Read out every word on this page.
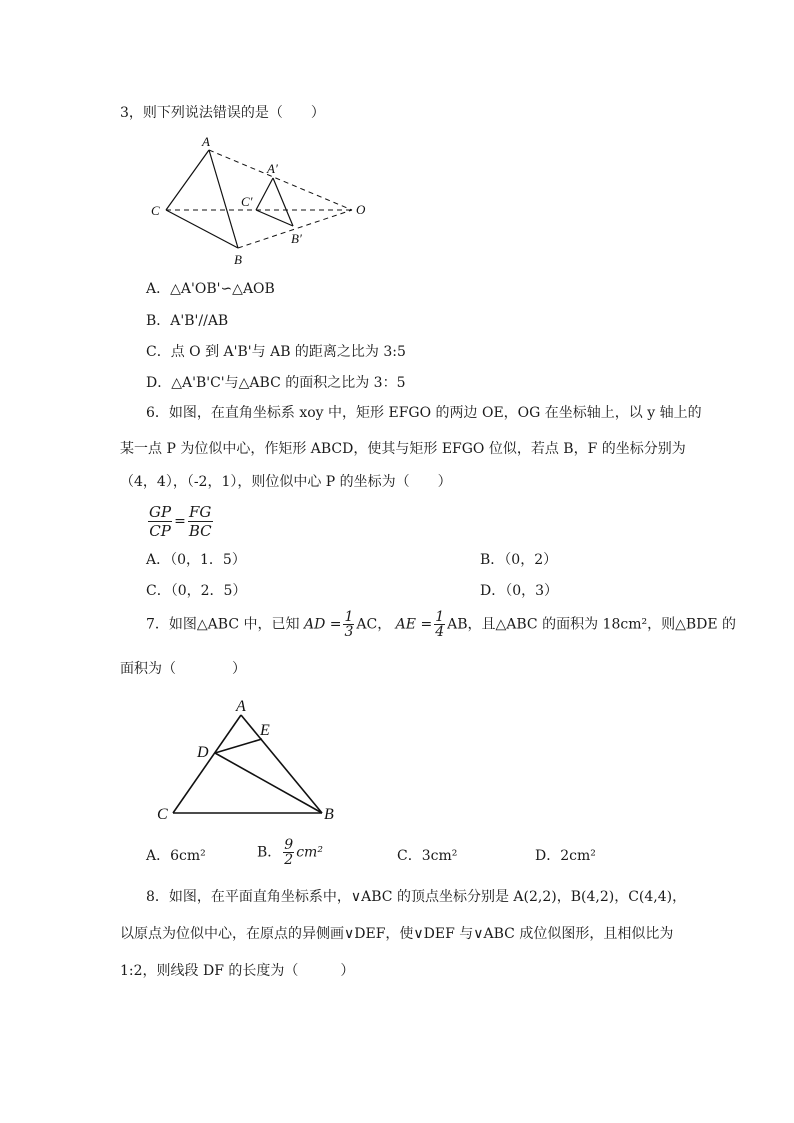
3，则下列说法错误的是（　　）
A
A′
C
C′
O
B
B′
A．△A'OB'∽△AOB
B．A'B'//AB
C．点 O 到 A'B'与 AB 的距离之比为 3:5
D．△A'B'C'与△ABC 的面积之比为 3：5
6．如图，在直角坐标系 xoy 中，矩形 EFGO 的两边 OE，OG 在坐标轴上，以 y 轴上的
某一点 P 为位似中心，作矩形 ABCD，使其与矩形 EFGO 位似，若点 B，F 的坐标分别为
（4，4），（-2，1），则位似中心 P 的坐标为（　　）
$\frac{GP}{CP} = \frac{FG}{BC}$
A．（0，1．5）	B．（0，2）
C．（0，2．5）	D．（0，3）
7．如图△ABC 中，已知 AD = $\frac{1}{3}$ AC， AE = $\frac{1}{4}$ AB，且△ABC 的面积为 18cm²，则△BDE 的
面积为（　　　　）
A
E
D
C	B
A．6cm²	B． $\frac{9}{2} cm^2$	C．3cm²	D．2cm²
8．如图，在平面直角坐标系中，∨ABC 的顶点坐标分别是 A(2,2)，B(4,2)，C(4,4)，
以原点为位似中心，在原点的异侧画∨DEF，使∨DEF 与∨ABC 成位似图形，且相似比为
1:2，则线段 DF 的长度为（　　　）
